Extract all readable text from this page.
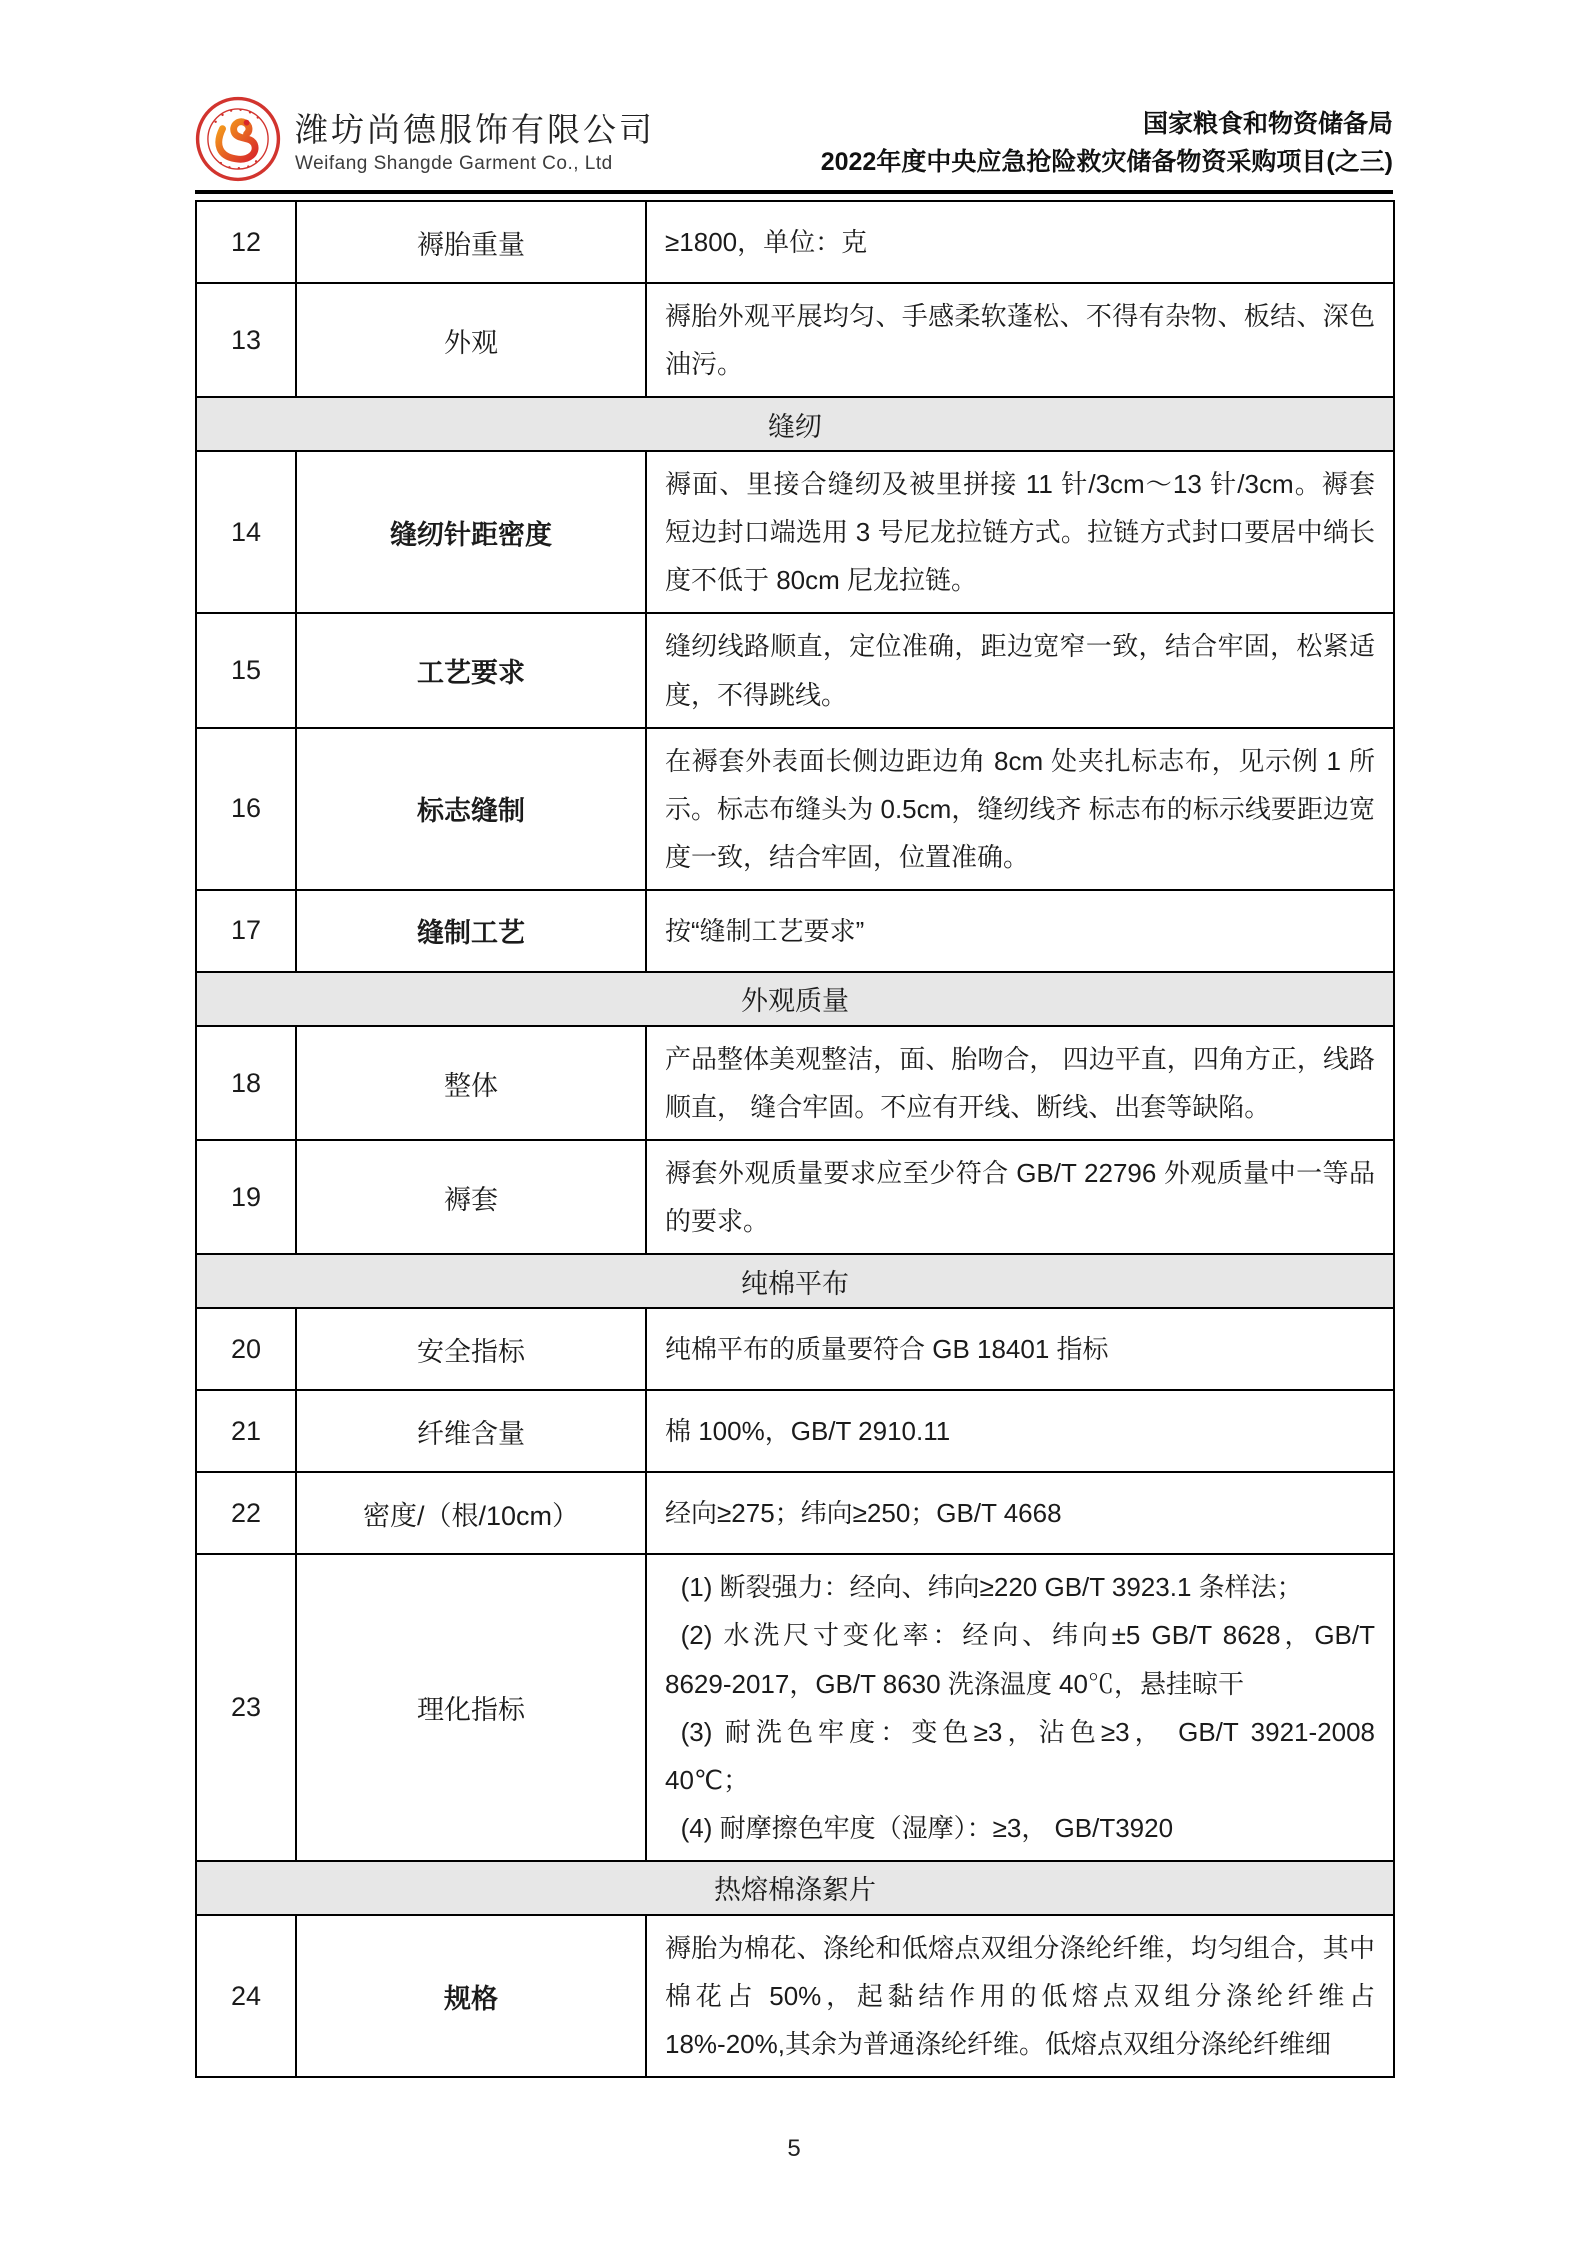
潍坊尚德服饰有限公司
Weifang Shangde Garment Co., Ltd
国家粮食和物资储备局
2022年度中央应急抢险救灾储备物资采购项目(之三)
12	褥胎重量	≥1800，单位：克
13	外观	褥胎外观平展均匀、手感柔软蓬松、不得有杂物、板结、深色油污。
缝纫		
14	缝纫针距密度	褥面、里接合缝纫及被里拼接 11 针/3cm～13 针/3cm。褥套短边封口端选用 3 号尼龙拉链方式。拉链方式封口要居中绱长度不低于 80cm 尼龙拉链。
15	工艺要求	缝纫线路顺直，定位准确，距边宽窄一致，结合牢固，松紧适度，不得跳线。
16	标志缝制	在褥套外表面长侧边距边角 8cm 处夹扎标志布，见示例 1 所示。标志布缝头为 0.5cm，缝纫线齐 标志布的标示线要距边宽度一致，结合牢固，位置准确。
17	缝制工艺	按“缝制工艺要求”
外观质量		
18	整体	产品整体美观整洁，面、胎吻合， 四边平直，四角方正，线路顺直， 缝合牢固。不应有开线、断线、出套等缺陷。
19	褥套	褥套外观质量要求应至少符合 GB/T 22796 外观质量中一等品的要求。
纯棉平布		
20	安全指标	纯棉平布的质量要符合 GB 18401 指标
21	纤维含量	棉 100%，GB/T 2910.11
22	密度/（根/10cm）	经向≥275；纬向≥250；GB/T 4668
23	理化指标	(1) 断裂强力：经向、纬向≥220 GB/T 3923.1 条样法；
(2) 水洗尺寸变化率：经向、纬向±5 GB/T 8628，GB/T 8629-2017，GB/T 8630 洗涤温度 40℃，悬挂晾干
(3) 耐洗色牢度：变色≥3，沾色≥3， GB/T 3921-2008 40℃；
(4) 耐摩擦色牢度（湿摩）：≥3， GB/T3920

热熔棉涤絮片		
24	规格	褥胎为棉花、涤纶和低熔点双组分涤纶纤维，均匀组合，其中棉花占 50%，起黏结作用的低熔点双组分涤纶纤维占 18%-20%,其余为普通涤纶纤维。低熔点双组分涤纶纤维细
5
